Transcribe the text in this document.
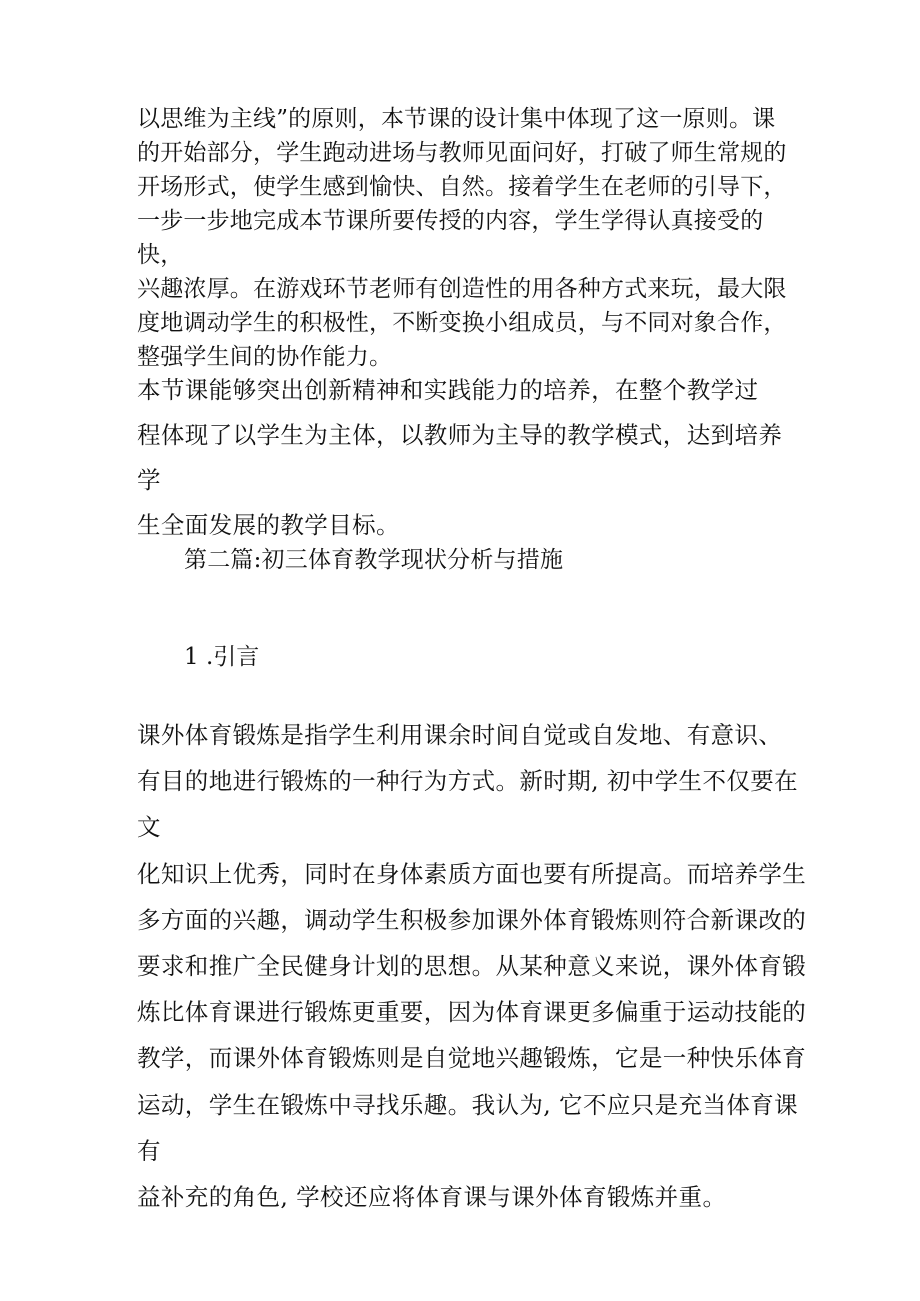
以思维为主线”的原则，本节课的设计集中体现了这一原则。课
的开始部分，学生跑动进场与教师见面问好，打破了师生常规的
开场形式，使学生感到愉快、自然。接着学生在老师的引导下，
一步一步地完成本节课所要传授的内容，学生学得认真接受的快，
兴趣浓厚。在游戏环节老师有创造性的用各种方式来玩，最大限
度地调动学生的积极性，不断变换小组成员，与不同对象合作，
整强学生间的协作能力。

本节课能够突出创新精神和实践能力的培养，在整个教学过
程体现了以学生为主体，以教师为主导的教学模式，达到培养学
生全面发展的教学目标。

第二篇:初三体育教学现状分析与措施

1 .引言

课外体育锻炼是指学生利用课余时间自觉或自发地、有意识、
有目的地进行锻炼的一种行为方式。新时期, 初中学生不仅要在文
化知识上优秀，同时在身体素质方面也要有所提高。而培养学生
多方面的兴趣，调动学生积极参加课外体育锻炼则符合新课改的
要求和推广全民健身计划的思想。从某种意义来说，课外体育锻
炼比体育课进行锻炼更重要，因为体育课更多偏重于运动技能的
教学，而课外体育锻炼则是自觉地兴趣锻炼，它是一种快乐体育
运动，学生在锻炼中寻找乐趣。我认为, 它不应只是充当体育课有
益补充的角色, 学校还应将体育课与课外体育锻炼并重。
